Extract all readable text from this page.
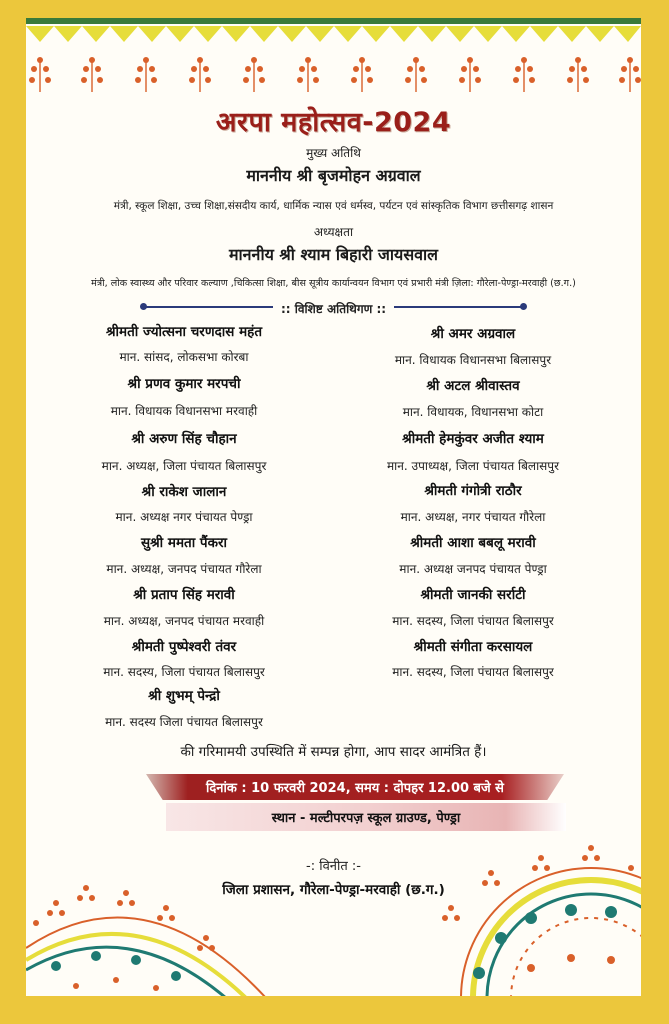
अरपा महोत्सव-2024
मुख्य अतिथि
माननीय श्री बृजमोहन अग्रवाल
मंत्री, स्कूल शिक्षा, उच्च शिक्षा,संसदीय कार्य, धार्मिक न्यास एवं धर्मस्व, पर्यटन एवं सांस्कृतिक विभाग छत्तीसगढ़ शासन
अध्यक्षता
माननीय श्री श्याम बिहारी जायसवाल
मंत्री, लोक स्वास्थ्य और परिवार कल्याण ,चिकित्सा शिक्षा, बीस सूत्रीय कार्यान्वयन विभाग एवं प्रभारी मंत्री ज़िला: गौरेला-पेण्ड्रा-मरवाही (छ.ग.)
:: विशिष्ट अतिथिगण ::
श्रीमती ज्योत्सना चरणदास महंत
मान. सांसद, लोकसभा कोरबा
श्री प्रणव कुमार मरपची
मान. विधायक विधानसभा मरवाही
श्री अरुण सिंह चौहान
मान. अध्यक्ष, जिला पंचायत बिलासपुर
श्री राकेश जालान
मान. अध्यक्ष नगर पंचायत पेण्ड्रा
सुश्री ममता पैंकरा
मान. अध्यक्ष, जनपद पंचायत गौरेला
श्री प्रताप सिंह मरावी
मान. अध्यक्ष, जनपद पंचायत मरवाही
श्रीमती पुष्पेश्वरी तंवर
मान. सदस्य, जिला पंचायत बिलासपुर
श्री शुभम् पेन्द्रो
मान. सदस्य जिला पंचायत बिलासपुर
श्री अमर अग्रवाल
मान. विधायक विधानसभा बिलासपुर
श्री अटल श्रीवास्तव
मान. विधायक, विधानसभा कोटा
श्रीमती हेमकुंवर अजीत श्याम
मान. उपाध्यक्ष, जिला पंचायत बिलासपुर
श्रीमती गंगोत्री राठौर
मान. अध्यक्ष, नगर पंचायत गौरेला
श्रीमती आशा बबलू मरावी
मान. अध्यक्ष जनपद पंचायत पेण्ड्रा
श्रीमती जानकी सर्राटी
मान. सदस्य, जिला पंचायत बिलासपुर
श्रीमती संगीता करसायल
मान. सदस्य, जिला पंचायत बिलासपुर
की गरिमामयी उपस्थिति में सम्पन्न होगा, आप सादर आमंत्रित हैं।
दिनांक : 10 फरवरी 2024, समय : दोपहर 12.00 बजे से
स्थान - मल्टीपरपज़ स्कूल ग्राउण्ड, पेण्ड्रा
-: विनीत :-
जिला प्रशासन, गौरेला-पेण्ड्रा-मरवाही (छ.ग.)
